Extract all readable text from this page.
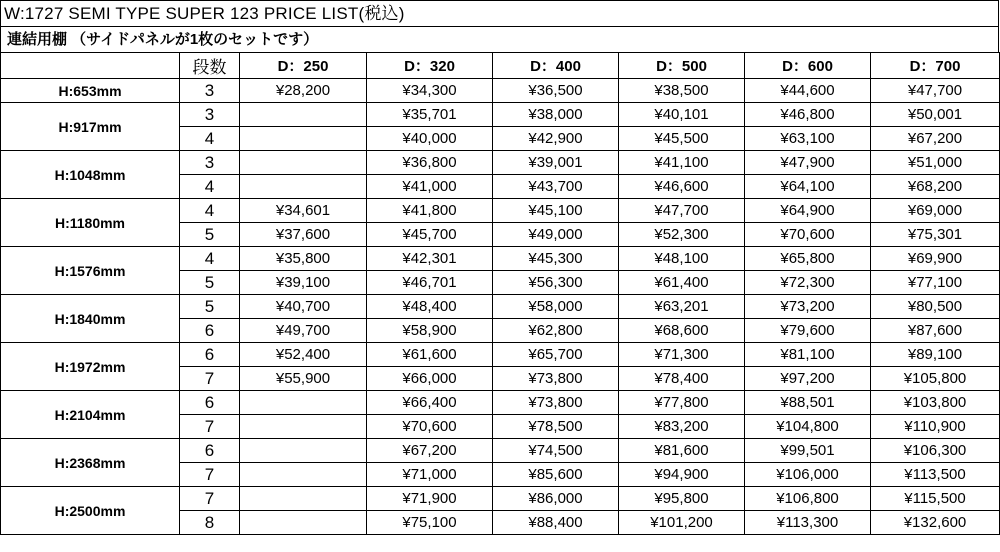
W:1727 SEMI TYPE SUPER 123 PRICE LIST(税込)
連結用棚 （サイドパネルが1枚のセットです）
	段数	D：250	D：320	D：400	D：500	D：600	D：700
H:653mm	3	¥28,200	¥34,300	¥36,500	¥38,500	¥44,600	¥47,700
H:917mm	3		¥35,701	¥38,000	¥40,101	¥46,800	¥50,001
	4		¥40,000	¥42,900	¥45,500	¥63,100	¥67,200
H:1048mm	3		¥36,800	¥39,001	¥41,100	¥47,900	¥51,000
	4		¥41,000	¥43,700	¥46,600	¥64,100	¥68,200
H:1180mm	4	¥34,601	¥41,800	¥45,100	¥47,700	¥64,900	¥69,000
	5	¥37,600	¥45,700	¥49,000	¥52,300	¥70,600	¥75,301
H:1576mm	4	¥35,800	¥42,301	¥45,300	¥48,100	¥65,800	¥69,900
	5	¥39,100	¥46,701	¥56,300	¥61,400	¥72,300	¥77,100
H:1840mm	5	¥40,700	¥48,400	¥58,000	¥63,201	¥73,200	¥80,500
	6	¥49,700	¥58,900	¥62,800	¥68,600	¥79,600	¥87,600
H:1972mm	6	¥52,400	¥61,600	¥65,700	¥71,300	¥81,100	¥89,100
	7	¥55,900	¥66,000	¥73,800	¥78,400	¥97,200	¥105,800
H:2104mm	6		¥66,400	¥73,800	¥77,800	¥88,501	¥103,800
	7		¥70,600	¥78,500	¥83,200	¥104,800	¥110,900
H:2368mm	6		¥67,200	¥74,500	¥81,600	¥99,501	¥106,300
	7		¥71,000	¥85,600	¥94,900	¥106,000	¥113,500
H:2500mm	7		¥71,900	¥86,000	¥95,800	¥106,800	¥115,500
	8		¥75,100	¥88,400	¥101,200	¥113,300	¥132,600
